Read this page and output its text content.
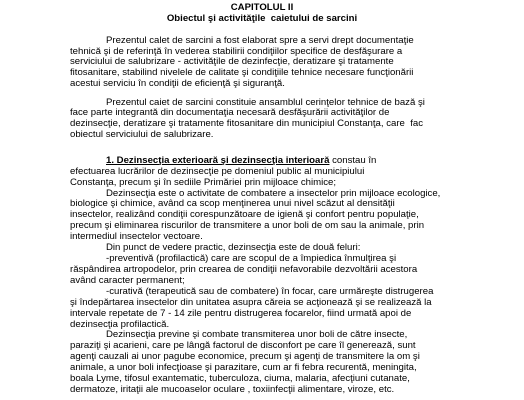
CAPITOLUL II
Obiectul şi activităţile  caietului de sarcini
Prezentul calet de sarcini a fost elaborat spre a servi drept documentaţie
tehnică şi de referinţă în vederea stabilirii condiţiilor specifice de desfăşurare a
serviciului de salubrizare - activităţile de dezinfecţie, deratizare şi tratamente
fitosanitare, stabilind nivelele de calitate şi condiţiile tehnice necesare funcţionării
acestui serviciu în condiţii de eficienţă şi siguranţă.
Prezentul caiet de sarcini constituie ansamblul cerinţelor tehnice de bază şi
face parte integrantă din documentaţia necesară desfăşurării activităţilor de
dezinsecţie, deratizare şi tratamente fitosanitare din municipiul Constanţa, care  fac
obiectul serviciului de salubrizare.
1. Dezinsecţia exterioară şi dezinsecţia interioară constau în
efectuarea lucrărilor de dezinsecţie pe domeniul public al municipiului
Constanţa, precum şi în sediile Primăriei prin mijloace chimice;
Dezinsecţia este o activitate de combatere a insectelor prin mijloace ecologice,
biologice şi chimice, având ca scop menţinerea unui nivel scăzut al densităţii
insectelor, realizând condiţii corespunzătoare de igienă şi confort pentru populaţie,
precum şi eliminarea riscurilor de transmitere a unor boli de om sau la animale, prin
intermediul insectelor vectoare.
Din punct de vedere practic, dezinsecţia este de două feluri:
-preventivă (profilactică) care are scopul de a împiedica înmulţirea şi
răspândirea artropodelor, prin crearea de condiţii nefavorabile dezvoltării acestora
având caracter permanent;
-curativă (terapeutică sau de combatere) în focar, care urmăreşte distrugerea
şi îndepărtarea insectelor din unitatea asupra căreia se acţionează şi se realizează la
intervale repetate de 7 - 14 zile pentru distrugerea focarelor, fiind urmată apoi de
dezinsecţia profilactică.
Dezinsecţia previne şi combate transmiterea unor boli de către insecte,
paraziţi şi acarieni, care pe lângă factorul de disconfort pe care îl generează, sunt
agenţi cauzali ai unor pagube economice, precum şi agenţi de transmitere la om şi
animale, a unor boli infecţioase şi parazitare, cum ar fi febra recurentă, meningita,
boala Lyme, tifosul exantematic, tuberculoza, ciuma, malaria, afecţiuni cutanate,
dermatoze, iritaţii ale mucoaselor oculare , toxiinfecţii alimentare, viroze, etc.
